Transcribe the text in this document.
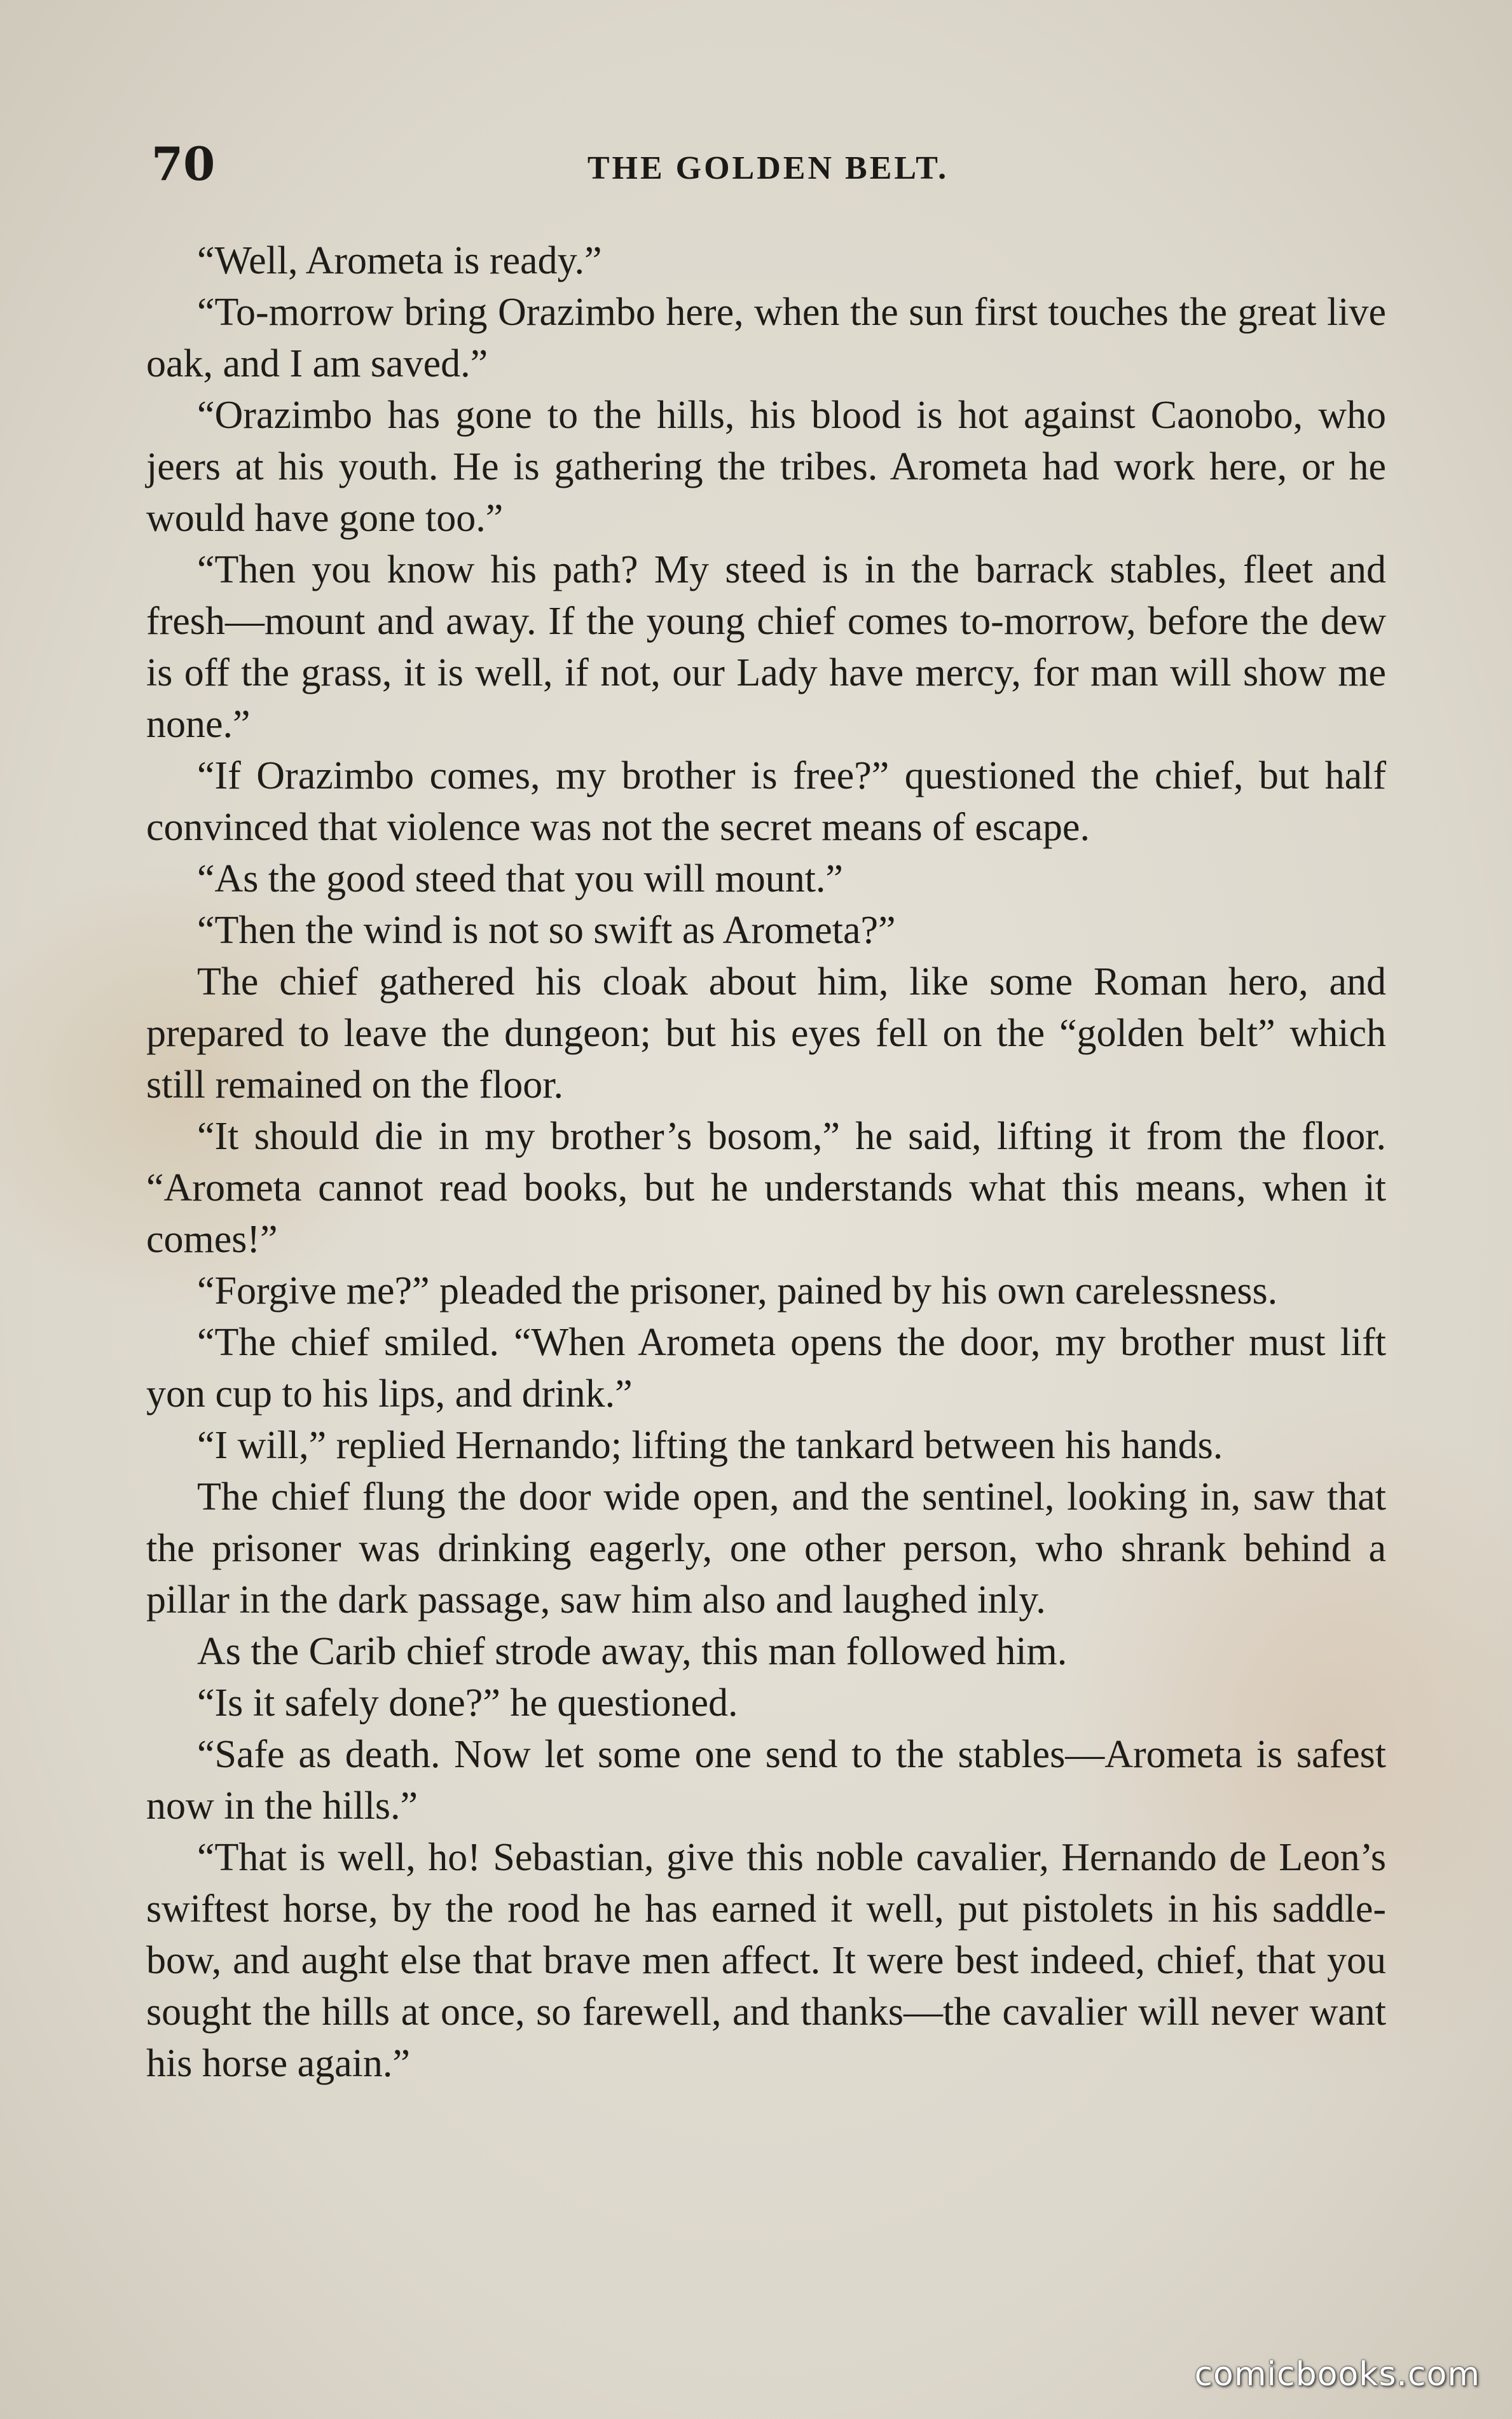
70	THE GOLDEN BELT.

“Well, Arometa is ready.”

“To-morrow bring Orazimbo here, when the sun first touches the great live oak, and I am saved.”

“Orazimbo has gone to the hills, his blood is hot against Caonobo, who jeers at his youth. He is gathering the tribes. Arometa had work here, or he would have gone too.”

“Then you know his path? My steed is in the barrack stables, fleet and fresh—mount and away. If the young chief comes to-morrow, before the dew is off the grass, it is well, if not, our Lady have mercy, for man will show me none.”

“If Orazimbo comes, my brother is free?” questioned the chief, but half convinced that violence was not the secret means of escape.

“As the good steed that you will mount.”

“Then the wind is not so swift as Arometa?”

The chief gathered his cloak about him, like some Roman hero, and prepared to leave the dungeon; but his eyes fell on the “golden belt” which still remained on the floor.

“It should die in my brother’s bosom,” he said, lifting it from the floor. “Arometa cannot read books, but he understands what this means, when it comes!”

“Forgive me?” pleaded the prisoner, pained by his own carelessness.

“The chief smiled. “When Arometa opens the door, my brother must lift yon cup to his lips, and drink.”

“I will,” replied Hernando; lifting the tankard between his hands.

The chief flung the door wide open, and the sentinel, looking in, saw that the prisoner was drinking eagerly, one other person, who shrank behind a pillar in the dark passage, saw him also and laughed inly.

As the Carib chief strode away, this man followed him.

“Is it safely done?” he questioned.

“Safe as death. Now let some one send to the stables—Arometa is safest now in the hills.”

“That is well, ho! Sebastian, give this noble cavalier, Hernando de Leon’s swiftest horse, by the rood he has earned it well, put pistolets in his saddle-bow, and aught else that brave men affect. It were best indeed, chief, that you sought the hills at once, so farewell, and thanks—the cavalier will never want his horse again.”

comicbooks.com
